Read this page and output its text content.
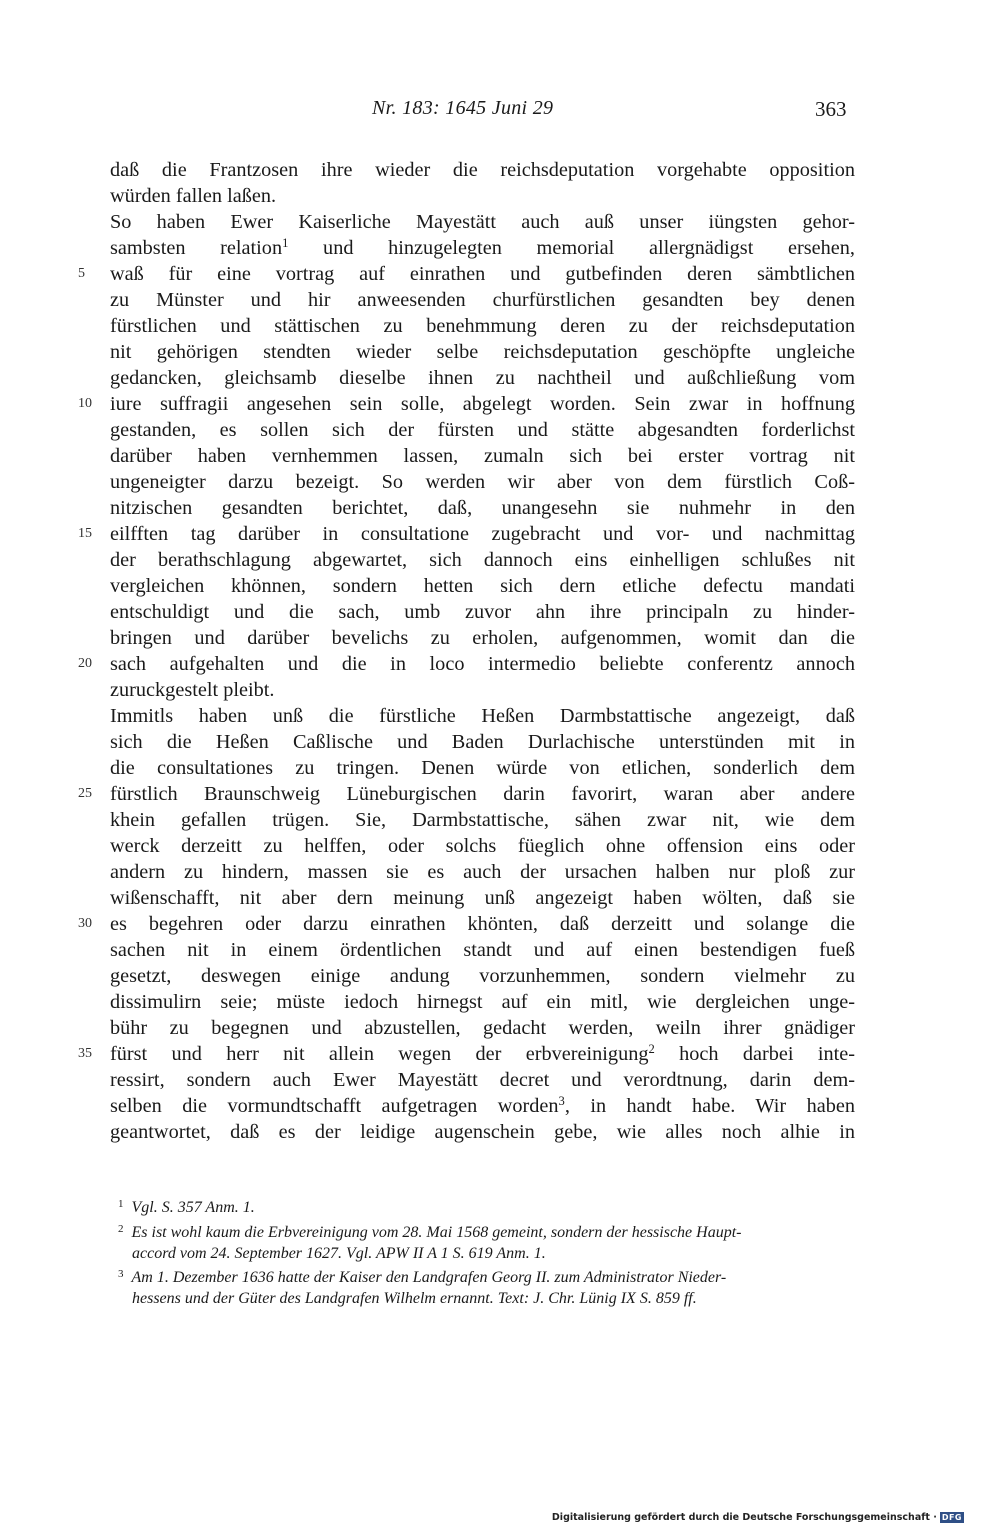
Nr. 183: 1645 Juni 29	363
daß die Frantzosen ihre wieder die reichsdeputation vorgehabte opposition
würden fallen laßen.
So haben Ewer Kaiserliche Mayestätt auch auß unser iüngsten gehor-
sambsten relation$^1$ und hinzugelegten memorial allergnädigst ersehen,
waß für eine vortrag auf einrathen und gutbefinden deren sämbtlichen
zu Münster und hir anweesenden churfürstlichen gesandten bey denen
fürstlichen und stättischen zu benehmmung deren zu der reichsdeputation
nit gehörigen stendten wieder selbe reichsdeputation geschöpfte ungleiche
gedancken, gleichsamb dieselbe ihnen zu nachtheil und außchließung vom
iure suffragii angesehen sein solle, abgelegt worden. Sein zwar in hoffnung
gestanden, es sollen sich der fürsten und stätte abgesandten forderlichst
darüber haben vernhemmen lassen, zumaln sich bei erster vortrag nit
ungeneigter darzu bezeigt. So werden wir aber von dem fürstlich Coß-
nitzischen gesandten berichtet, daß, unangesehn sie nuhmehr in den
eilfften tag darüber in consultatione zugebracht und vor- und nachmittag
der berathschlagung abgewartet, sich dannoch eins einhelligen schlußes nit
vergleichen khönnen, sondern hetten sich dern etliche defectu mandati
entschuldigt und die sach, umb zuvor ahn ihre principaln zu hinder-
bringen und darüber bevelichs zu erholen, aufgenommen, womit dan die
sach aufgehalten und die in loco intermedio beliebte conferentz annoch
zuruckgestelt pleibt.
Immitls haben unß die fürstliche Heßen Darmbstattische angezeigt, daß
sich die Heßen Caßlische und Baden Durlachische unterstünden mit in
die consultationes zu tringen. Denen würde von etlichen, sonderlich dem
fürstlich Braunschweig Lüneburgischen darin favorirt, waran aber andere
khein gefallen trügen. Sie, Darmbstattische, sähen zwar nit, wie dem
werck derzeitt zu helffen, oder solchs füeglich ohne offension eins oder
andern zu hindern, massen sie es auch der ursachen halben nur ploß zur
wißenschafft, nit aber dern meinung unß angezeigt haben wölten, daß sie
es begehren oder darzu einrathen khönten, daß derzeitt und solange die
sachen nit in einem ördentlichen standt und auf einen bestendigen fueß
gesetzt, deswegen einige andung vorzunhemmen, sondern vielmehr zu
dissimulirn seie; müste iedoch hirnegst auf ein mitl, wie dergleichen unge-
bühr zu begegnen und abzustellen, gedacht werden, weiln ihrer gnädiger
fürst und herr nit allein wegen der erbvereinigung$^2$ hoch darbei inte-
ressirt, sondern auch Ewer Mayestätt decret und verordtnung, darin dem-
selben die vormundtschafft aufgetragen worden$^3$, in handt habe. Wir haben
geantwortet, daß es der leidige augenschein gebe, wie alles noch alhie in
5
10
15
20
25
30
35
$^1$ Vgl. S. 357 Anm. 1.
$^2$ Es ist wohl kaum die Erbvereinigung vom 28. Mai 1568 gemeint, sondern der hessische Haupt-
accord vom 24. September 1627. Vgl. APW II A 1 S. 619 Anm. 1.
$^3$ Am 1. Dezember 1636 hatte der Kaiser den Landgrafen Georg II. zum Administrator Nieder-
hessens und der Güter des Landgrafen Wilhelm ernannt. Text: J. Chr. Lünig IX S. 859 ff.
Digitalisierung gefördert durch die Deutsche Forschungsgemeinschaft · DFG
